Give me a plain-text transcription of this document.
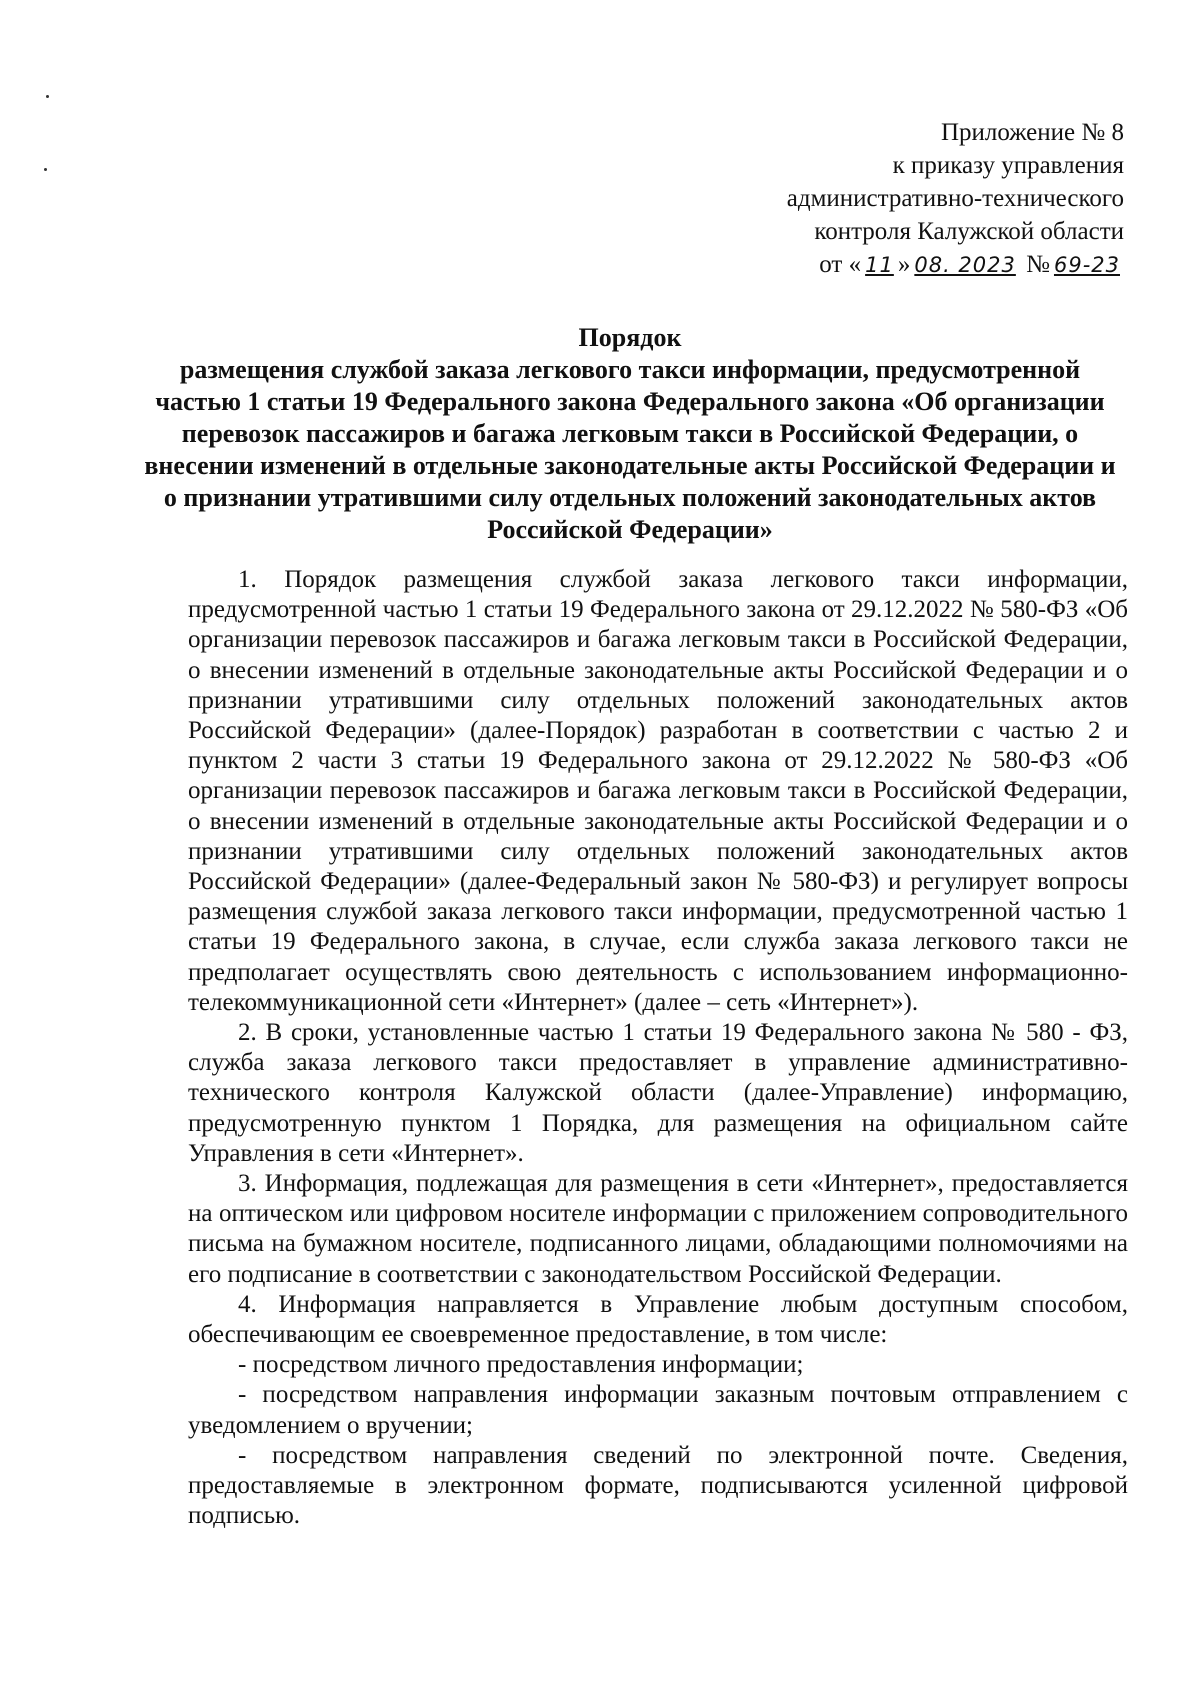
Приложение № 8
к приказу управления
административно-технического
контроля Калужской области
от « 11 » 08. 2023 № 69-23
Порядок
размещения службой заказа легкового такси информации, предусмотренной частью 1 статьи 19 Федерального закона Федерального закона «Об организации перевозок пассажиров и багажа легковым такси в Российской Федерации, о внесении изменений в отдельные законодательные акты Российской Федерации и о признании утратившими силу отдельных положений законодательных актов Российской Федерации»

1. Порядок размещения службой заказа легкового такси информации, предусмотренной частью 1 статьи 19 Федерального закона от 29.12.2022 № 580-ФЗ «Об организации перевозок пассажиров и багажа легковым такси в Российской Федерации, о внесении изменений в отдельные законодательные акты Российской Федерации и о признании утратившими силу отдельных положений законодательных актов Российской Федерации» (далее-Порядок) разработан в соответствии с частью 2 и пунктом 2 части 3 статьи 19 Федерального закона от 29.12.2022 № 580-ФЗ «Об организации перевозок пассажиров и багажа легковым такси в Российской Федерации, о внесении изменений в отдельные законодательные акты Российской Федерации и о признании утратившими силу отдельных положений законодательных актов Российской Федерации» (далее-Федеральный закон № 580-ФЗ) и регулирует вопросы размещения службой заказа легкового такси информации, предусмотренной частью 1 статьи 19 Федерального закона, в случае, если служба заказа легкового такси не предполагает осуществлять свою деятельность с использованием информационно-телекоммуникационной сети «Интернет» (далее – сеть «Интернет»).

2. В сроки, установленные частью 1 статьи 19 Федерального закона № 580 - ФЗ, служба заказа легкового такси предоставляет в управление административно-технического контроля Калужской области (далее-Управление) информацию, предусмотренную пунктом 1 Порядка, для размещения на официальном сайте Управления в сети «Интернет».

3. Информация, подлежащая для размещения в сети «Интернет», предоставляется на оптическом или цифровом носителе информации с приложением сопроводительного письма на бумажном носителе, подписанного лицами, обладающими полномочиями на его подписание в соответствии с законодательством Российской Федерации.

4. Информация направляется в Управление любым доступным способом, обеспечивающим ее своевременное предоставление, в том числе:

- посредством личного предоставления информации;

- посредством направления информации заказным почтовым отправлением с уведомлением о вручении;

- посредством направления сведений по электронной почте. Сведения, предоставляемые в электронном формате, подписываются усиленной цифровой подписью.
